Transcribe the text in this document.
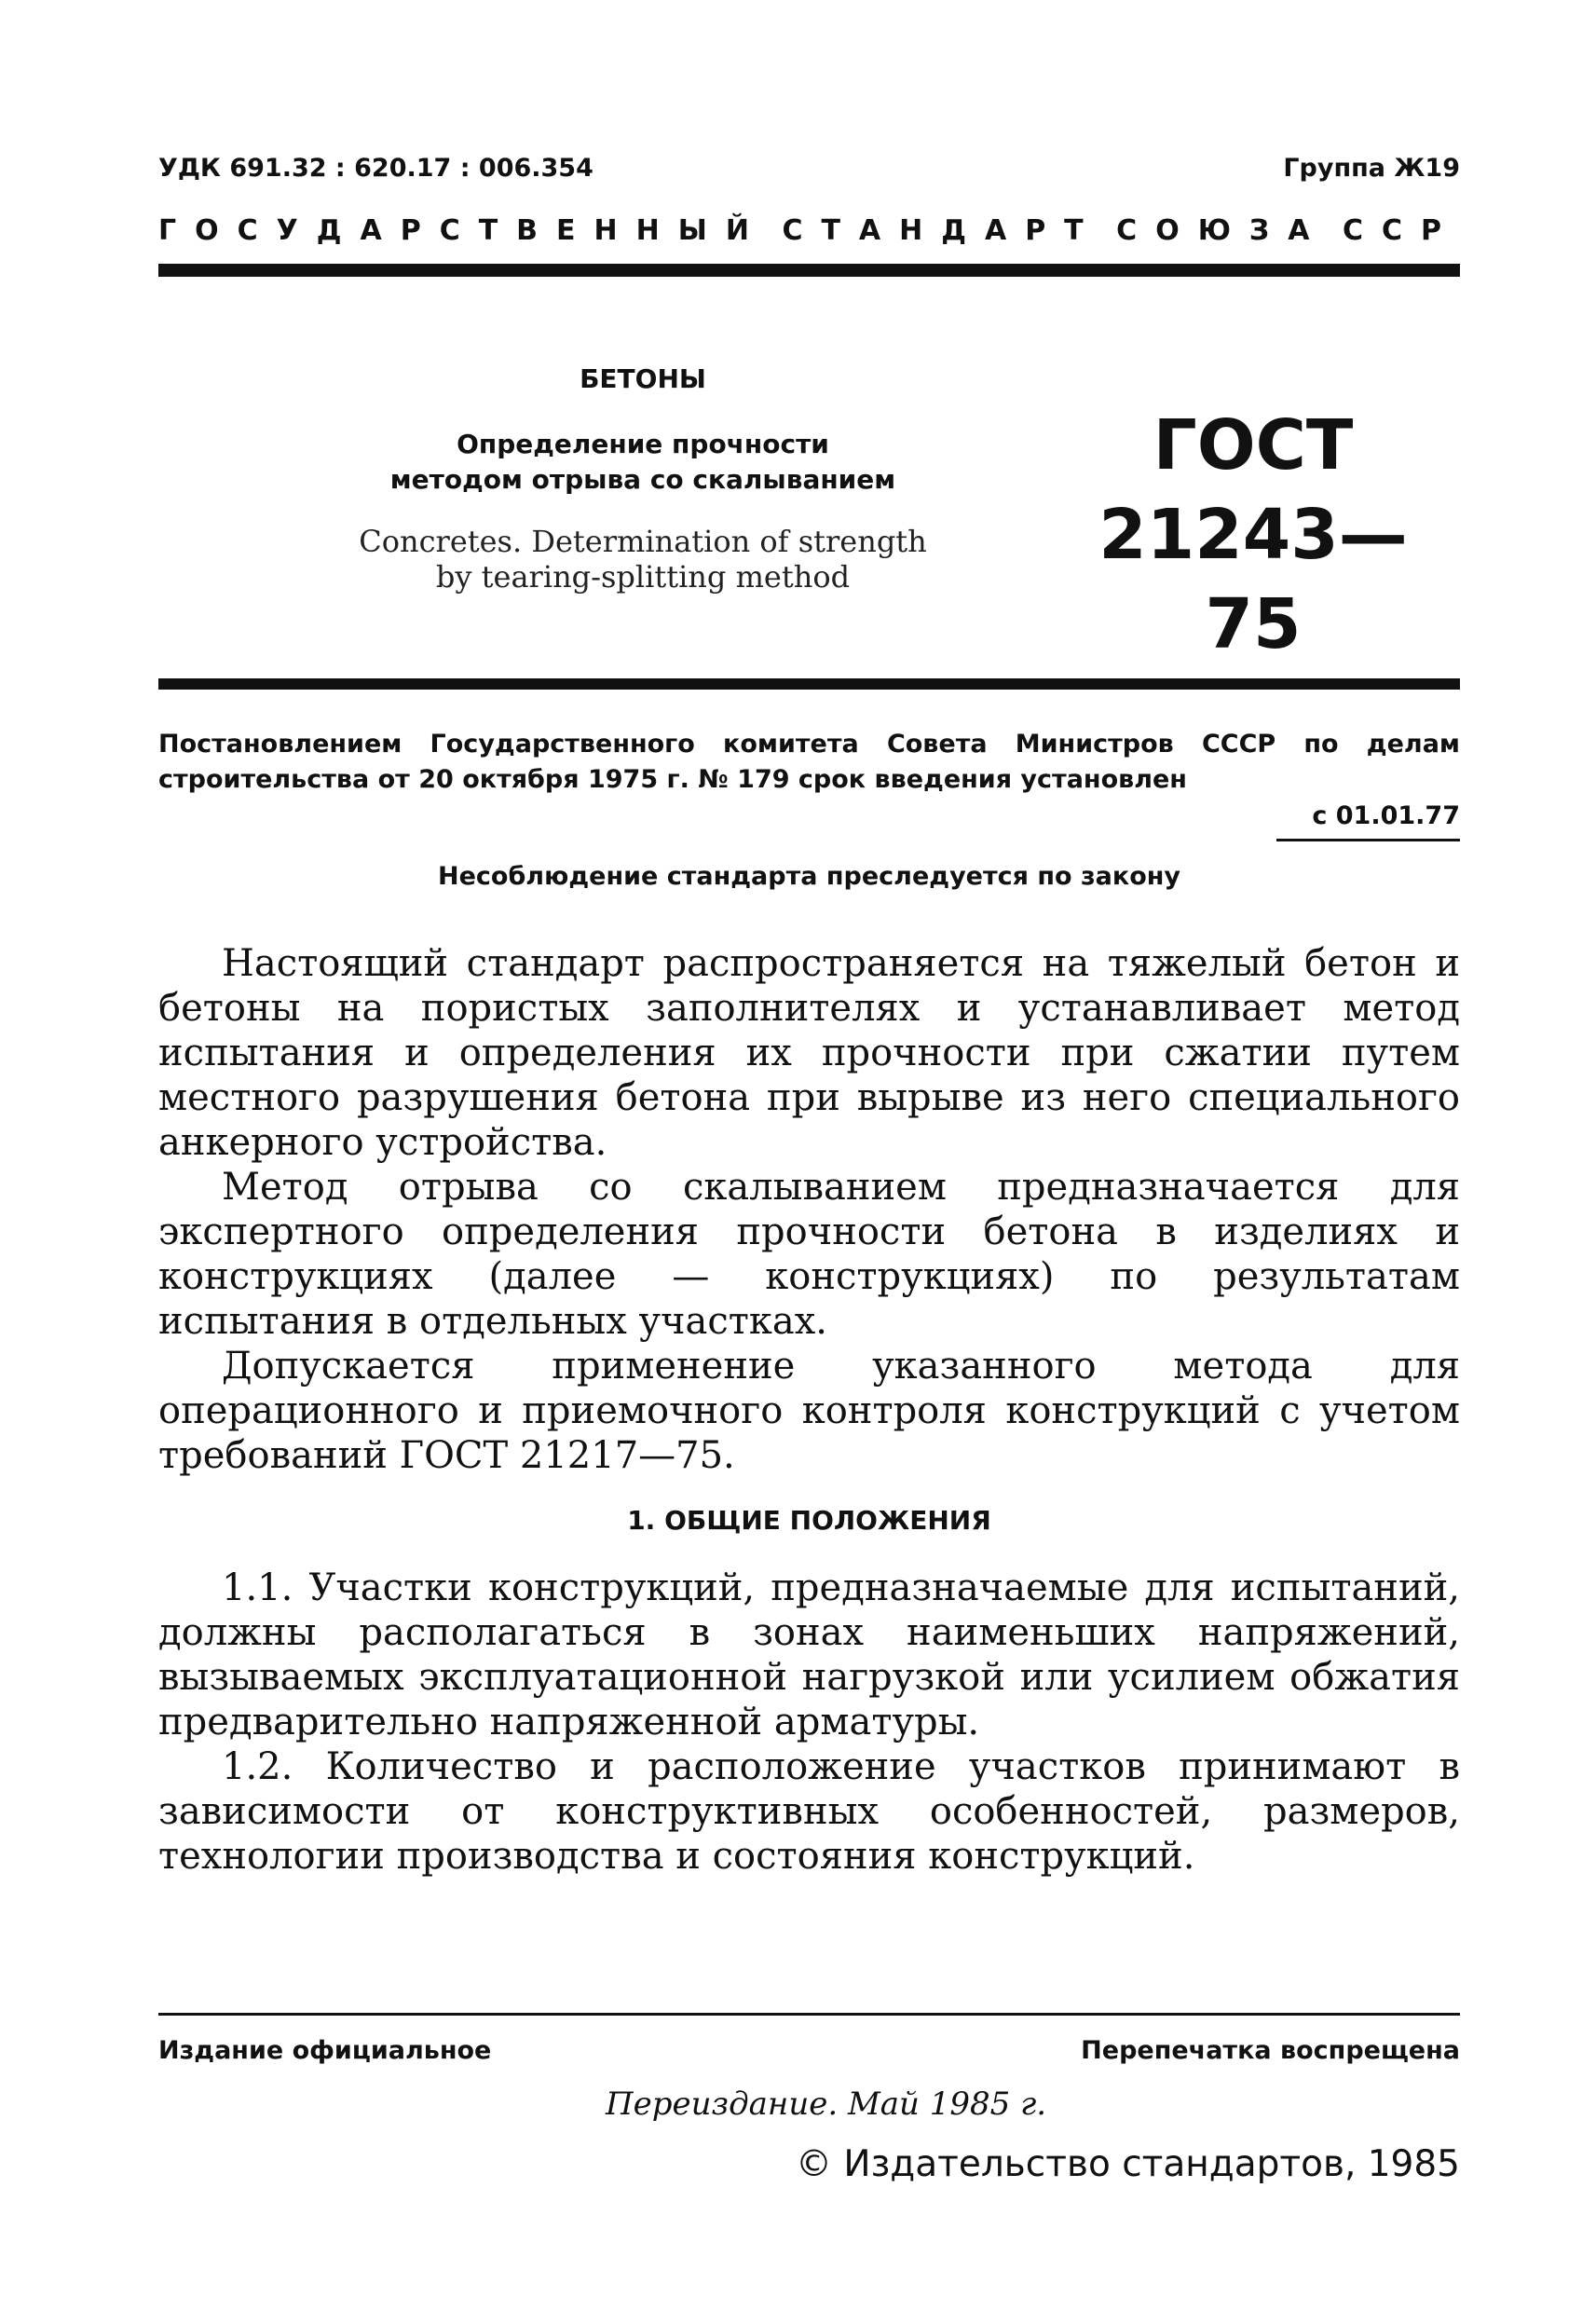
УДК 691.32 : 620.17 : 006.354	Группа Ж19
ГОСУДАРСТВЕННЫЙ СТАНДАРТ СОЮЗА ССР
БЕТОНЫ
Определение прочности
методом отрыва со скалыванием
Concretes. Determination of strength
by tearing-splitting method
ГОСТ
21243—75
Постановлением Государственного комитета Совета Министров СССР по делам строительства от 20 октября 1975 г. № 179 срок введения установлен
с 01.01.77
Несоблюдение стандарта преследуется по закону

Настоящий стандарт распространяется на тяжелый бетон и бетоны на пористых заполнителях и устанавливает метод испытания и определения их прочности при сжатии путем местного разрушения бетона при вырыве из него специального анкерного устройства.

Метод отрыва со скалыванием предназначается для экспертного определения прочности бетона в изделиях и конструкциях (далее — конструкциях) по результатам испытания в отдельных участках.

Допускается применение указанного метода для операционного и приемочного контроля конструкций с учетом требований ГОСТ 21217—75.

1. ОБЩИЕ ПОЛОЖЕНИЯ

1.1. Участки конструкций, предназначаемые для испытаний, должны располагаться в зонах наименьших напряжений, вызываемых эксплуатационной нагрузкой или усилием обжатия предварительно напряженной арматуры.

1.2. Количество и расположение участков принимают в зависимости от конструктивных особенностей, размеров, технологии производства и состояния конструкций.

Издание официальное	Перепечатка воспрещена
Переиздание. Май 1985 г.
© Издательство стандартов, 1985
